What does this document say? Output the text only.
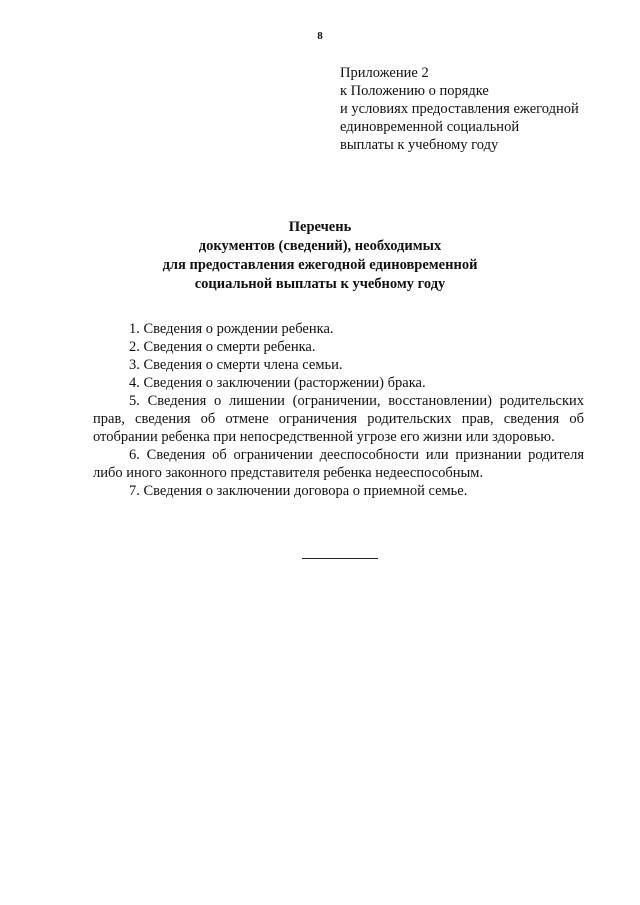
8
Приложение 2
к Положению о порядке
и условиях предоставления ежегодной
единовременной социальной
выплаты к учебному году
Перечень
документов (сведений), необходимых
для предоставления ежегодной единовременной
социальной выплаты к учебному году

1. Сведения о рождении ребенка.

2. Сведения о смерти ребенка.

3. Сведения о смерти члена семьи.

4. Сведения о заключении (расторжении) брака.

5. Сведения о лишении (ограничении, восстановлении) родительских прав, сведения об отмене ограничения родительских прав, сведения об отобрании ребенка при непосредственной угрозе его жизни или здоровью.

6. Сведения об ограничении дееспособности или признании родителя либо иного законного представителя ребенка недееспособным.

7. Сведения о заключении договора о приемной семье.
